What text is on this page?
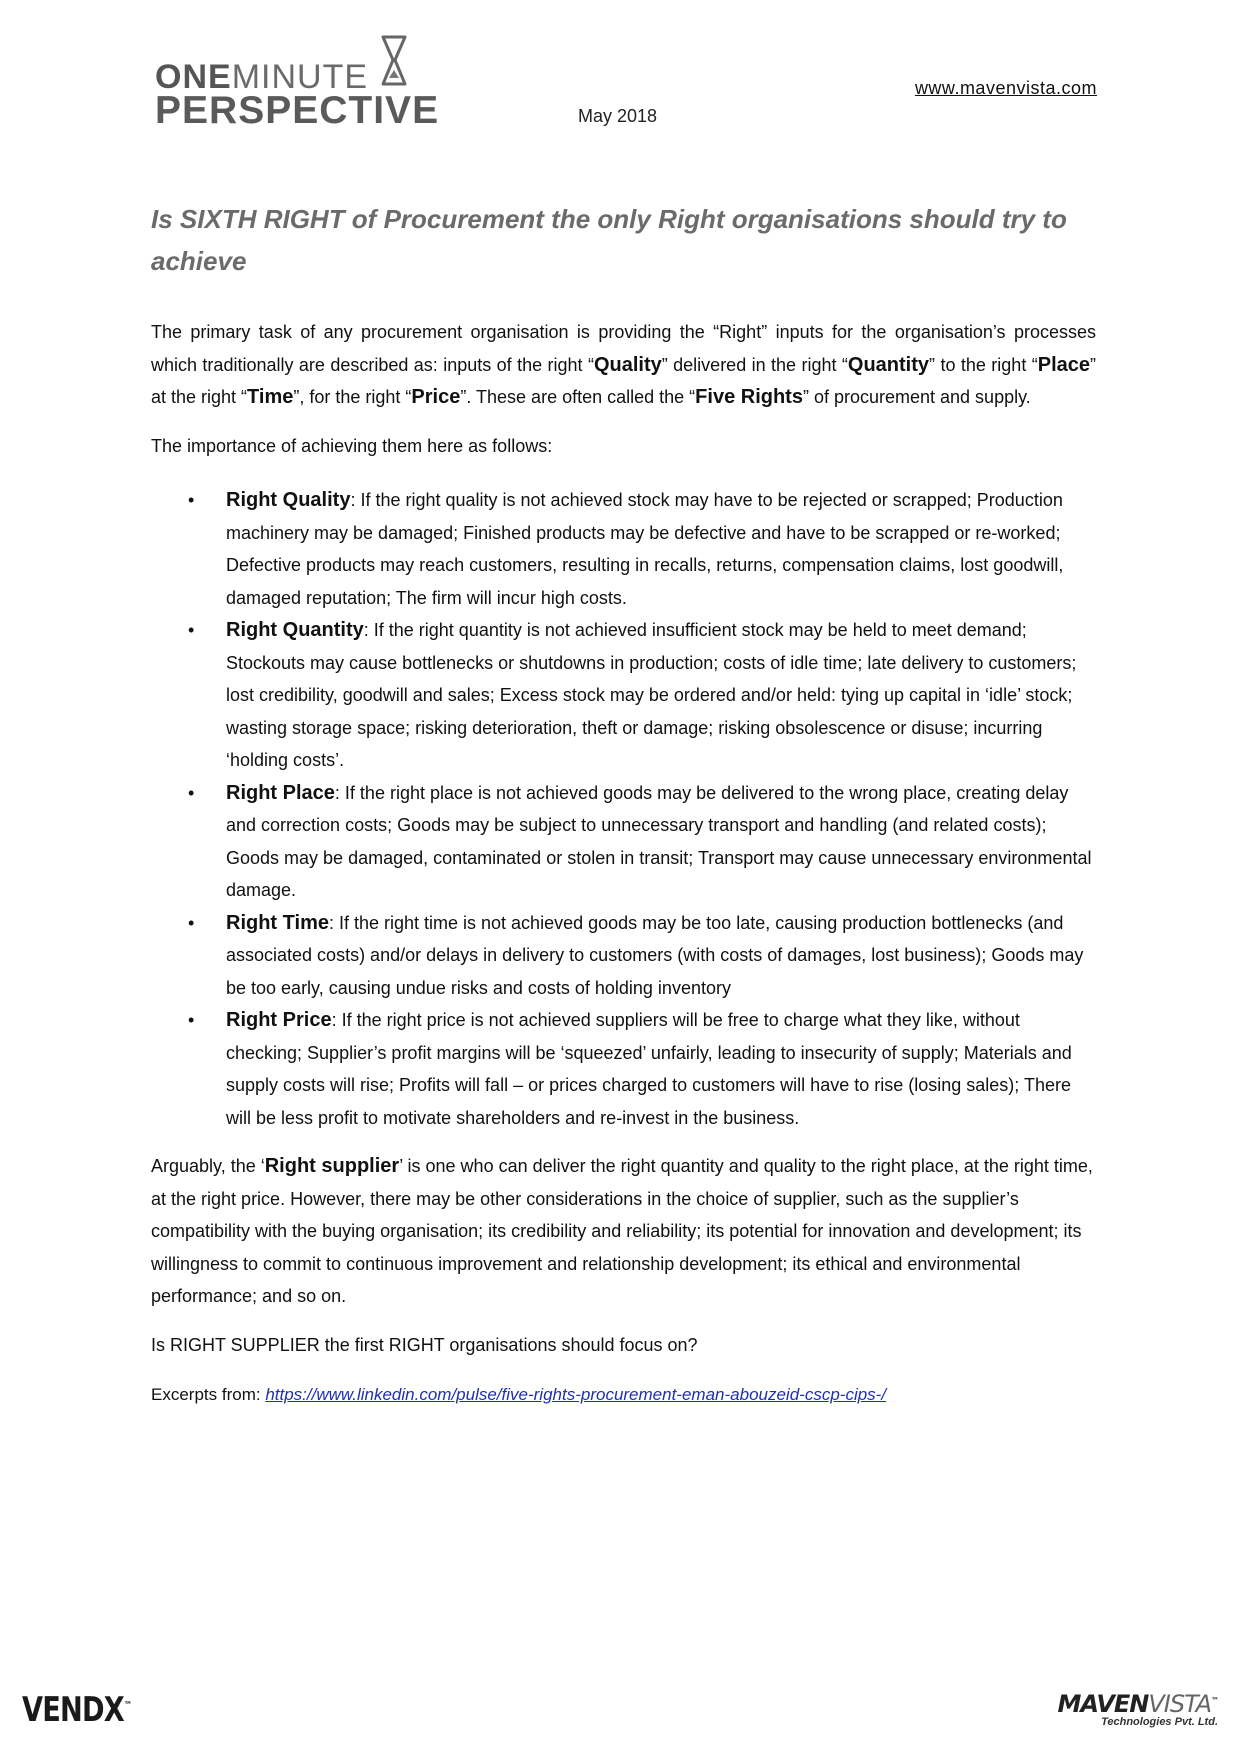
ONEMINUTE
PERSPECTIVE	May 2018
www.mavenvista.com
Is SIXTH RIGHT of Procurement the only Right organisations should try to achieve

The primary task of any procurement organisation is providing the “Right” inputs for the organisation’s processes which traditionally are described as: inputs of the right “Quality” delivered in the right “Quantity” to the right “Place” at the right “Time”, for the right “Price”. These are often called the “Five Rights” of procurement and supply.

The importance of achieving them here as follows:

• Right Quality: If the right quality is not achieved stock may have to be rejected or scrapped; Production machinery may be damaged; Finished products may be defective and have to be scrapped or re-worked; Defective products may reach customers, resulting in recalls, returns, compensation claims, lost goodwill, damaged reputation; The firm will incur high costs.
• Right Quantity: If the right quantity is not achieved insufficient stock may be held to meet demand; Stockouts may cause bottlenecks or shutdowns in production; costs of idle time; late delivery to customers; lost credibility, goodwill and sales; Excess stock may be ordered and/or held: tying up capital in ‘idle’ stock; wasting storage space; risking deterioration, theft or damage; risking obsolescence or disuse; incurring ‘holding costs’.
• Right Place: If the right place is not achieved goods may be delivered to the wrong place, creating delay and correction costs; Goods may be subject to unnecessary transport and handling (and related costs); Goods may be damaged, contaminated or stolen in transit; Transport may cause unnecessary environmental damage.
• Right Time: If the right time is not achieved goods may be too late, causing production bottlenecks (and associated costs) and/or delays in delivery to customers (with costs of damages, lost business); Goods may be too early, causing undue risks and costs of holding inventory
• Right Price: If the right price is not achieved suppliers will be free to charge what they like, without checking; Supplier’s profit margins will be ‘squeezed’ unfairly, leading to insecurity of supply; Materials and supply costs will rise; Profits will fall – or prices charged to customers will have to rise (losing sales); There will be less profit to motivate shareholders and re-invest in the business.

Arguably, the ‘Right supplier’ is one who can deliver the right quantity and quality to the right place, at the right time, at the right price. However, there may be other considerations in the choice of supplier, such as the supplier’s compatibility with the buying organisation; its credibility and reliability; its potential for innovation and development; its willingness to commit to continuous improvement and relationship development; its ethical and environmental performance; and so on.

Is RIGHT SUPPLIER the first RIGHT organisations should focus on?

Excerpts from: https://www.linkedin.com/pulse/five-rights-procurement-eman-abouzeid-cscp-cips-/

VENDX™	MAVENVISTA™
Technologies Pvt. Ltd.
